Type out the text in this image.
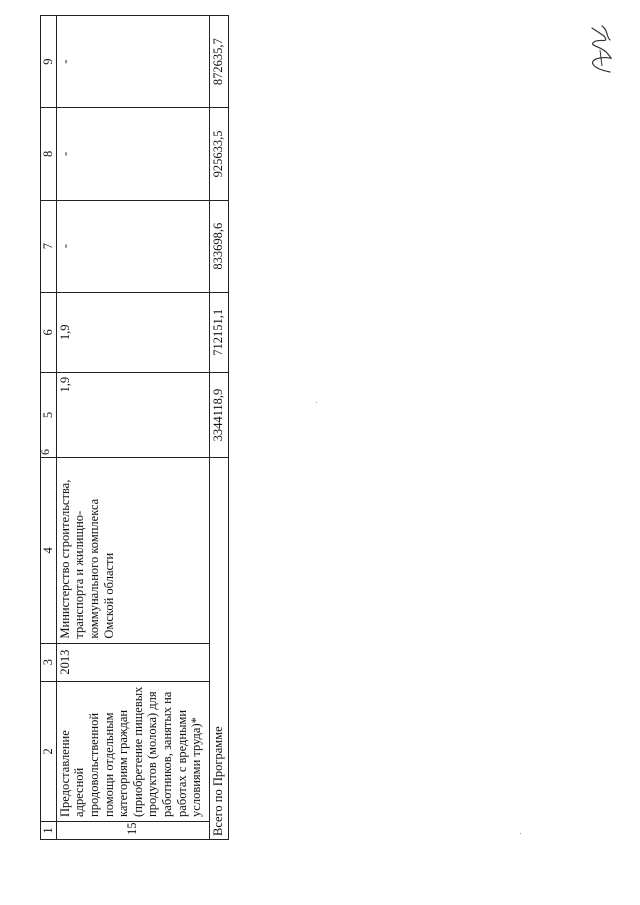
6
1	2	3	4	5	6	7	8	9
15	Предоставление адресной продовольственной помощи отдельным категориям граждан (приобретение пищевых продуктов (молока) для работников, занятых на работах с вредными условиями труда)*	2013	Министерство строительства, транспорта и жилищно-коммунального комплекса Омской области	1,9	1,9	-	-	-
Всего по Программе				3344118,9	712151,1	833698,6	925633,5	872635,7
